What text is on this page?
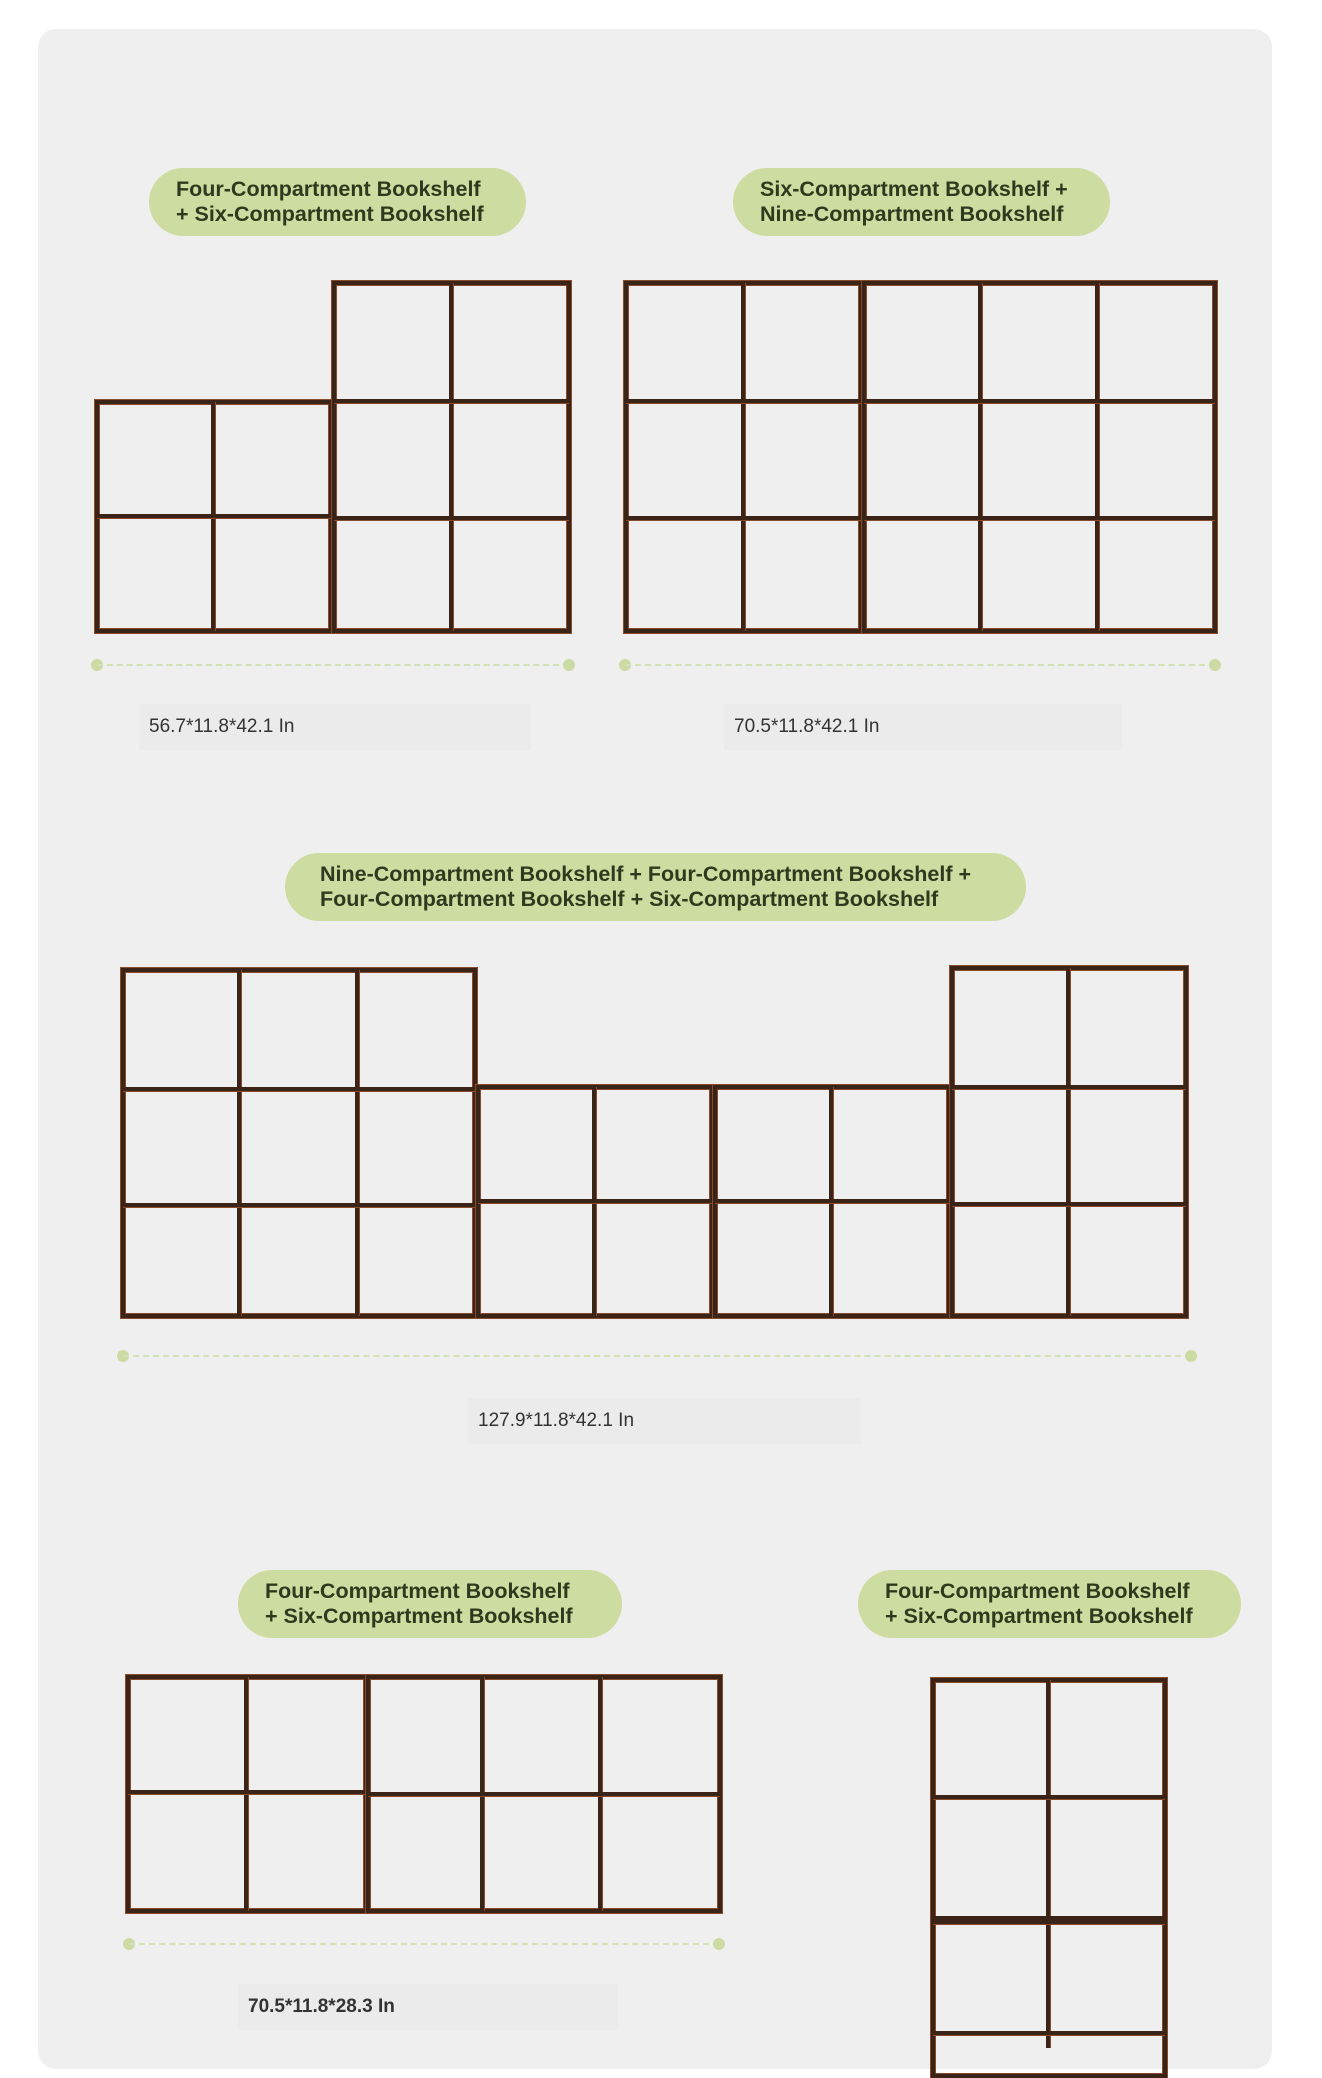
Four-Compartment Bookshelf
+ Six-Compartment Bookshelf
56.7*11.8*42.1 In
Six-Compartment Bookshelf +
Nine-Compartment Bookshelf
70.5*11.8*42.1 In
Nine-Compartment Bookshelf + Four-Compartment Bookshelf +
Four-Compartment Bookshelf + Six-Compartment Bookshelf
127.9*11.8*42.1 In
Four-Compartment Bookshelf
+ Six-Compartment Bookshelf
70.5*11.8*28.3 In
Four-Compartment Bookshelf
+ Six-Compartment Bookshelf
